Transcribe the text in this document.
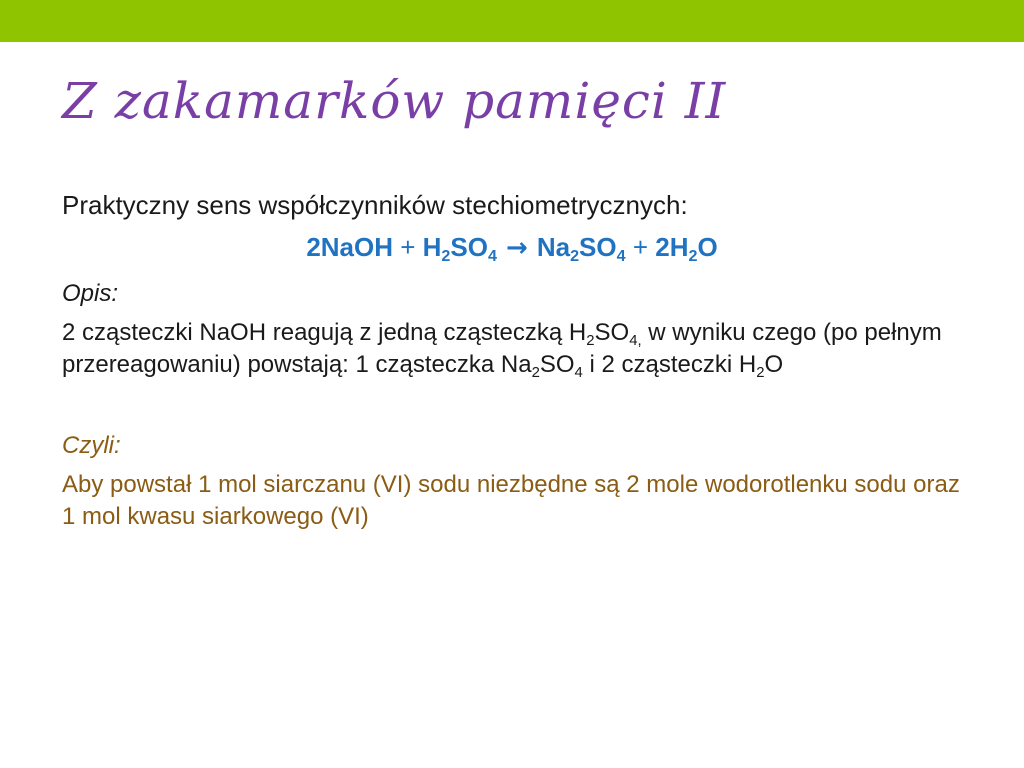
Z zakamarków pamięci II

Praktyczny sens współczynników stechiometrycznych:

2NaOH + $H_2SO_4 \to Na_2SO_4 + 2H_2O$

Opis:

2 cząsteczki NaOH reagują z jedną cząsteczką $H_2SO_{4,}$ w wyniku czego (po pełnym przereagowaniu) powstają: 1 cząsteczka $Na_2SO_4$ i 2 cząsteczki $H_2O$

Czyli:

Aby powstał 1 mol siarczanu (VI) sodu niezbędne są 2 mole wodorotlenku sodu oraz 1 mol kwasu siarkowego (VI)
